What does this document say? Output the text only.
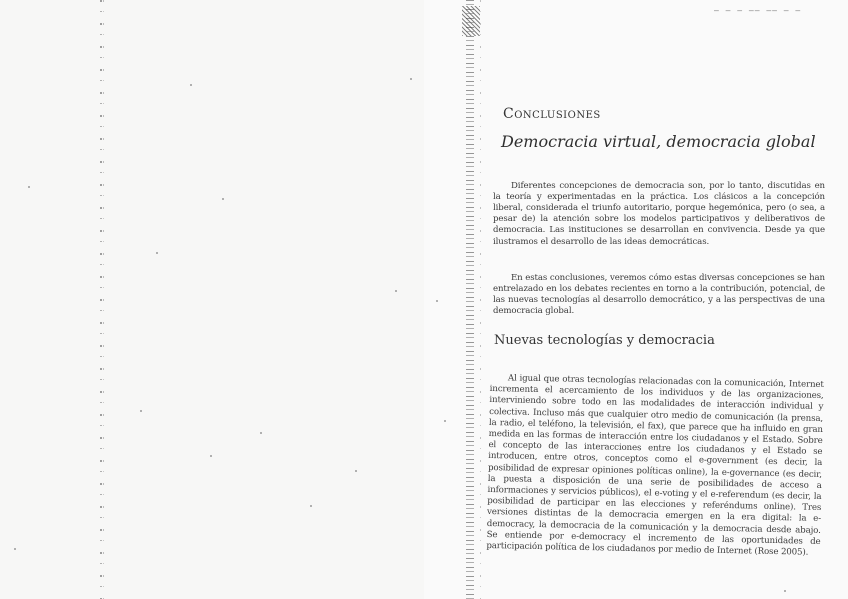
— — — —— —— — —
Conclusiones
Democracia virtual, democracia global

Diferentes concepciones de democracia son, por lo tanto, discutidas en la teoría y experimentadas en la práctica. Los clásicos a la concepción liberal, considerada el triunfo autoritario, porque hegemónica, pero (o sea, a pesar de) la atención sobre los modelos participativos y deliberativos de democracia. Las instituciones se desarrollan en convivencia. Desde ya que ilustramos el desarrollo de las ideas democráticas.

En estas conclusiones, veremos cómo estas diversas concepciones se han entrelazado en los debates recientes en torno a la contribución, potencial, de las nuevas tecnologías al desarrollo democrático, y a las perspectivas de una democracia global.

Nuevas tecnologías y democracia

Al igual que otras tecnologías relacionadas con la comunicación, Internet incrementa el acercamiento de los individuos y de las organizaciones, interviniendo sobre todo en las modalidades de interacción individual y colectiva. Incluso más que cualquier otro medio de comunicación (la prensa, la radio, el teléfono, la televisión, el fax), que parece que ha influido en gran medida en las formas de interacción entre los ciudadanos y el Estado. Sobre el concepto de las interacciones entre los ciudadanos y el Estado se introducen, entre otros, conceptos como el e-government (es decir, la posibilidad de expresar opiniones políticas online), la e-governance (es decir, la puesta a disposición de una serie de posibilidades de acceso a informaciones y servicios públicos), el e-voting y el e-referendum (es decir, la posibilidad de participar en las elecciones y referéndums online). Tres versiones distintas de la democracia emergen en la era digital: la e-democracy, la democracia de la comunicación y la democracia desde abajo. Se entiende por e-democracy el incremento de las oportunidades de participación política de los ciudadanos por medio de Internet (Rose 2005).
